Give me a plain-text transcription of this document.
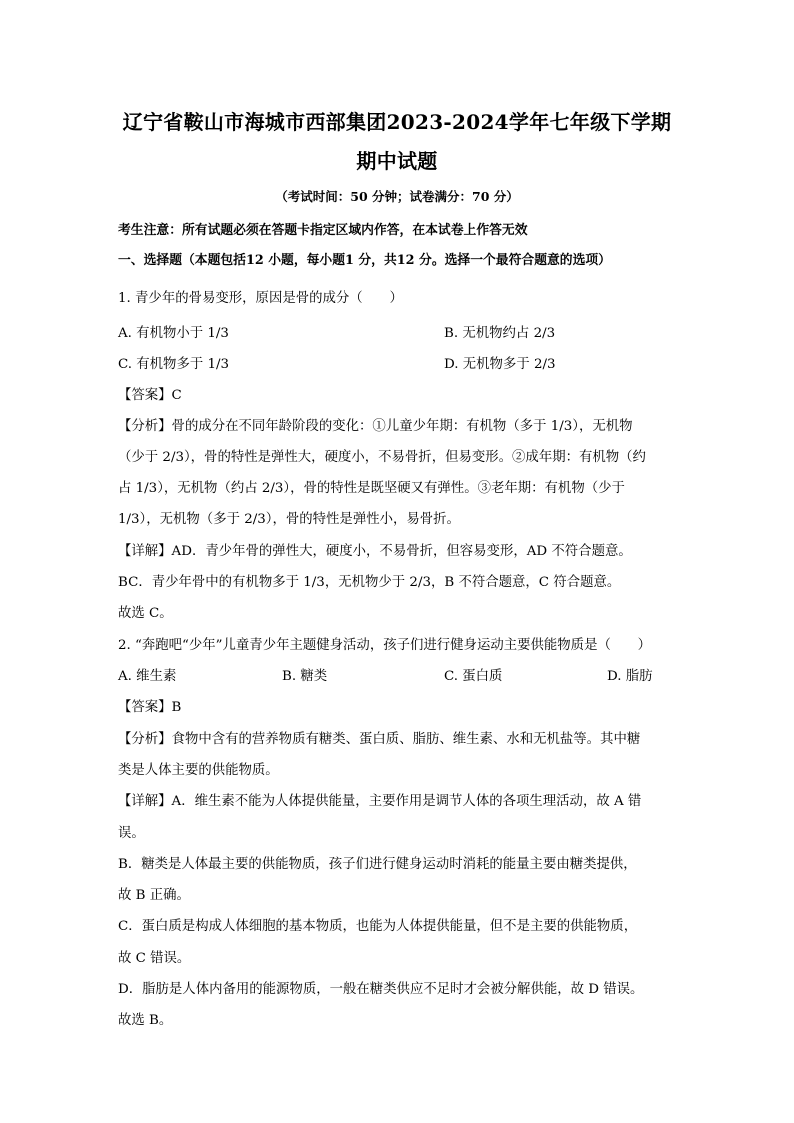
辽宁省鞍山市海城市西部集团2023-2024学年七年级下学期
期中试题
（考试时间：50 分钟；试卷满分：70 分）
考生注意：所有试题必须在答题卡指定区域内作答，在本试卷上作答无效
一、选择题（本题包括12 小题，每小题1 分，共12 分。选择一个最符合题意的选项）
1. 青少年的骨易变形，原因是骨的成分（　　）
A. 有机物小于 1/3	B. 无机物约占 2/3
C. 有机物多于 1/3	D. 无机物多于 2/3
【答案】C
【分析】骨的成分在不同年龄阶段的变化：①儿童少年期：有机物（多于 1/3），无机物
（少于 2/3），骨的特性是弹性大，硬度小，不易骨折，但易变形。②成年期：有机物（约
占 1/3），无机物（约占 2/3），骨的特性是既坚硬又有弹性。③老年期：有机物（少于
1/3），无机物（多于 2/3），骨的特性是弹性小，易骨折。
【详解】AD．青少年骨的弹性大，硬度小，不易骨折，但容易变形，AD 不符合题意。
BC．青少年骨中的有机物多于 1/3，无机物少于 2/3，B 不符合题意，C 符合题意。
故选 C。
2. “奔跑吧“少年”儿童青少年主题健身活动，孩子们进行健身运动主要供能物质是（　　）
A. 维生素	B. 糖类	C. 蛋白质	D. 脂肪
【答案】B
【分析】食物中含有的营养物质有糖类、蛋白质、脂肪、维生素、水和无机盐等。其中糖
类是人体主要的供能物质。
【详解】A．维生素不能为人体提供能量，主要作用是调节人体的各项生理活动，故 A 错
误。
B．糖类是人体最主要的供能物质，孩子们进行健身运动时消耗的能量主要由糖类提供，
故 B 正确。
C．蛋白质是构成人体细胞的基本物质，也能为人体提供能量，但不是主要的供能物质，
故 C 错误。
D．脂肪是人体内备用的能源物质，一般在糖类供应不足时才会被分解供能，故 D 错误。
故选 B。
